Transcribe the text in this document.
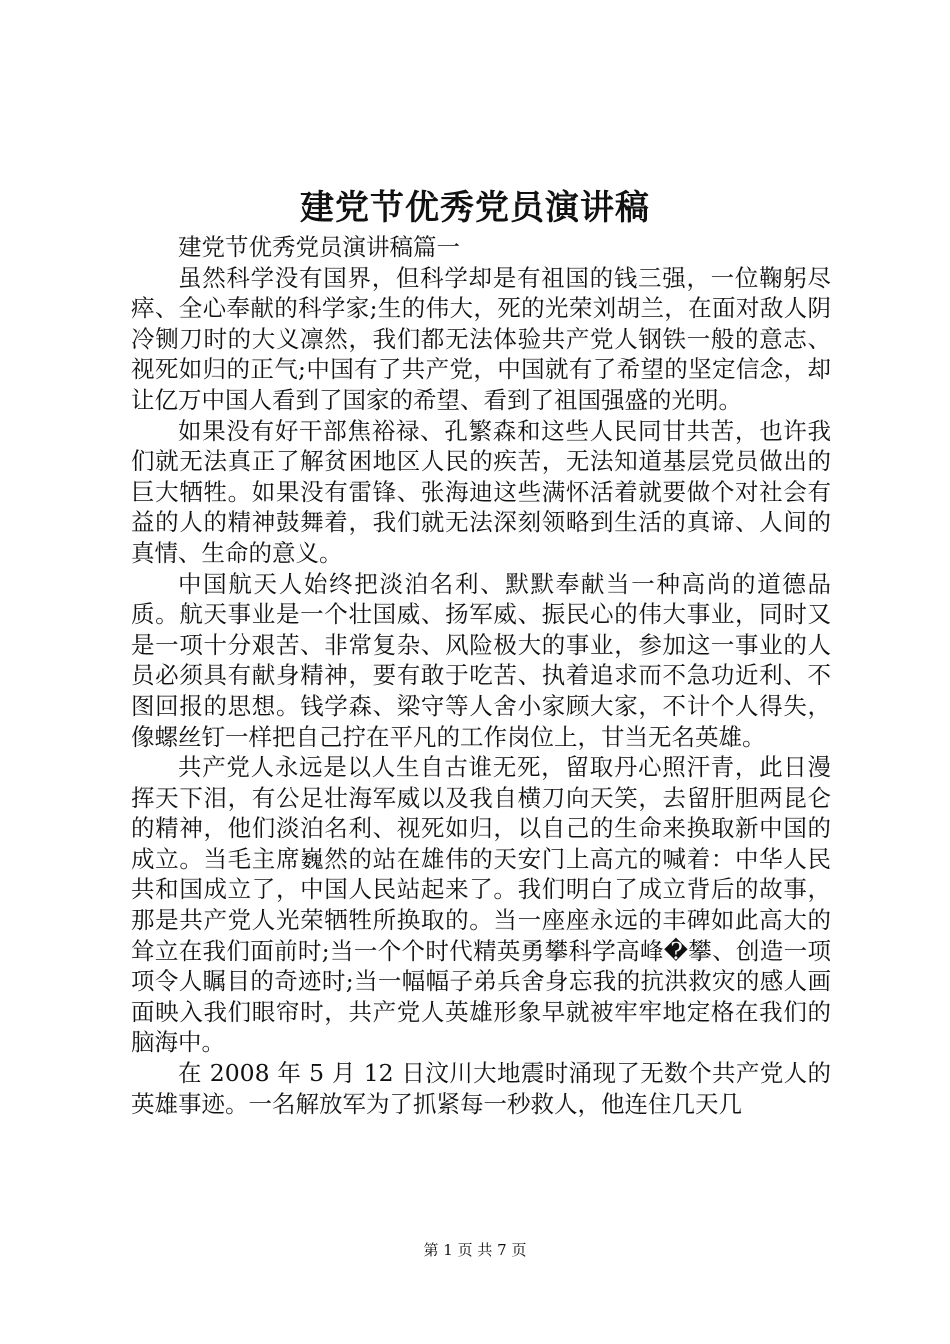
建党节优秀党员演讲稿

建党节优秀党员演讲稿篇一

虽然科学没有国界，但科学却是有祖国的钱三强，一位鞠躬尽瘁、全心奉献的科学家;生的伟大，死的光荣刘胡兰，在面对敌人阴冷铡刀时的大义凛然，我们都无法体验共产党人钢铁一般的意志、视死如归的正气;中国有了共产党，中国就有了希望的坚定信念，却让亿万中国人看到了国家的希望、看到了祖国强盛的光明。

如果没有好干部焦裕禄、孔繁森和这些人民同甘共苦，也许我们就无法真正了解贫困地区人民的疾苦，无法知道基层党员做出的巨大牺牲。如果没有雷锋、张海迪这些满怀活着就要做个对社会有益的人的精神鼓舞着，我们就无法深刻领略到生活的真谛、人间的真情、生命的意义。

中国航天人始终把淡泊名利、默默奉献当一种高尚的道德品质。航天事业是一个壮国威、扬军威、振民心的伟大事业，同时又是一项十分艰苦、非常复杂、风险极大的事业，参加这一事业的人员必须具有献身精神，要有敢于吃苦、执着追求而不急功近利、不图回报的思想。钱学森、梁守等人舍小家顾大家，不计个人得失，像螺丝钉一样把自己拧在平凡的工作岗位上，甘当无名英雄。

共产党人永远是以人生自古谁无死，留取丹心照汗青，此日漫挥天下泪，有公足壮海军威以及我自横刀向天笑，去留肝胆两昆仑的精神，他们淡泊名利、视死如归，以自己的生命来换取新中国的成立。当毛主席巍然的站在雄伟的天安门上高亢的喊着：中华人民共和国成立了，中国人民站起来了。我们明白了成立背后的故事，那是共产党人光荣牺牲所换取的。当一座座永远的丰碑如此高大的耸立在我们面前时;当一个个时代精英勇攀科学高峰�攀、创造一项项令人瞩目的奇迹时;当一幅幅子弟兵舍身忘我的抗洪救灾的感人画面映入我们眼帘时，共产党人英雄形象早就被牢牢地定格在我们的脑海中。

在 2008 年 5 月 12 日汶川大地震时涌现了无数个共产党人的英雄事迹。一名解放军为了抓紧每一秒救人，他连住几天几

第 1 页 共 7 页
